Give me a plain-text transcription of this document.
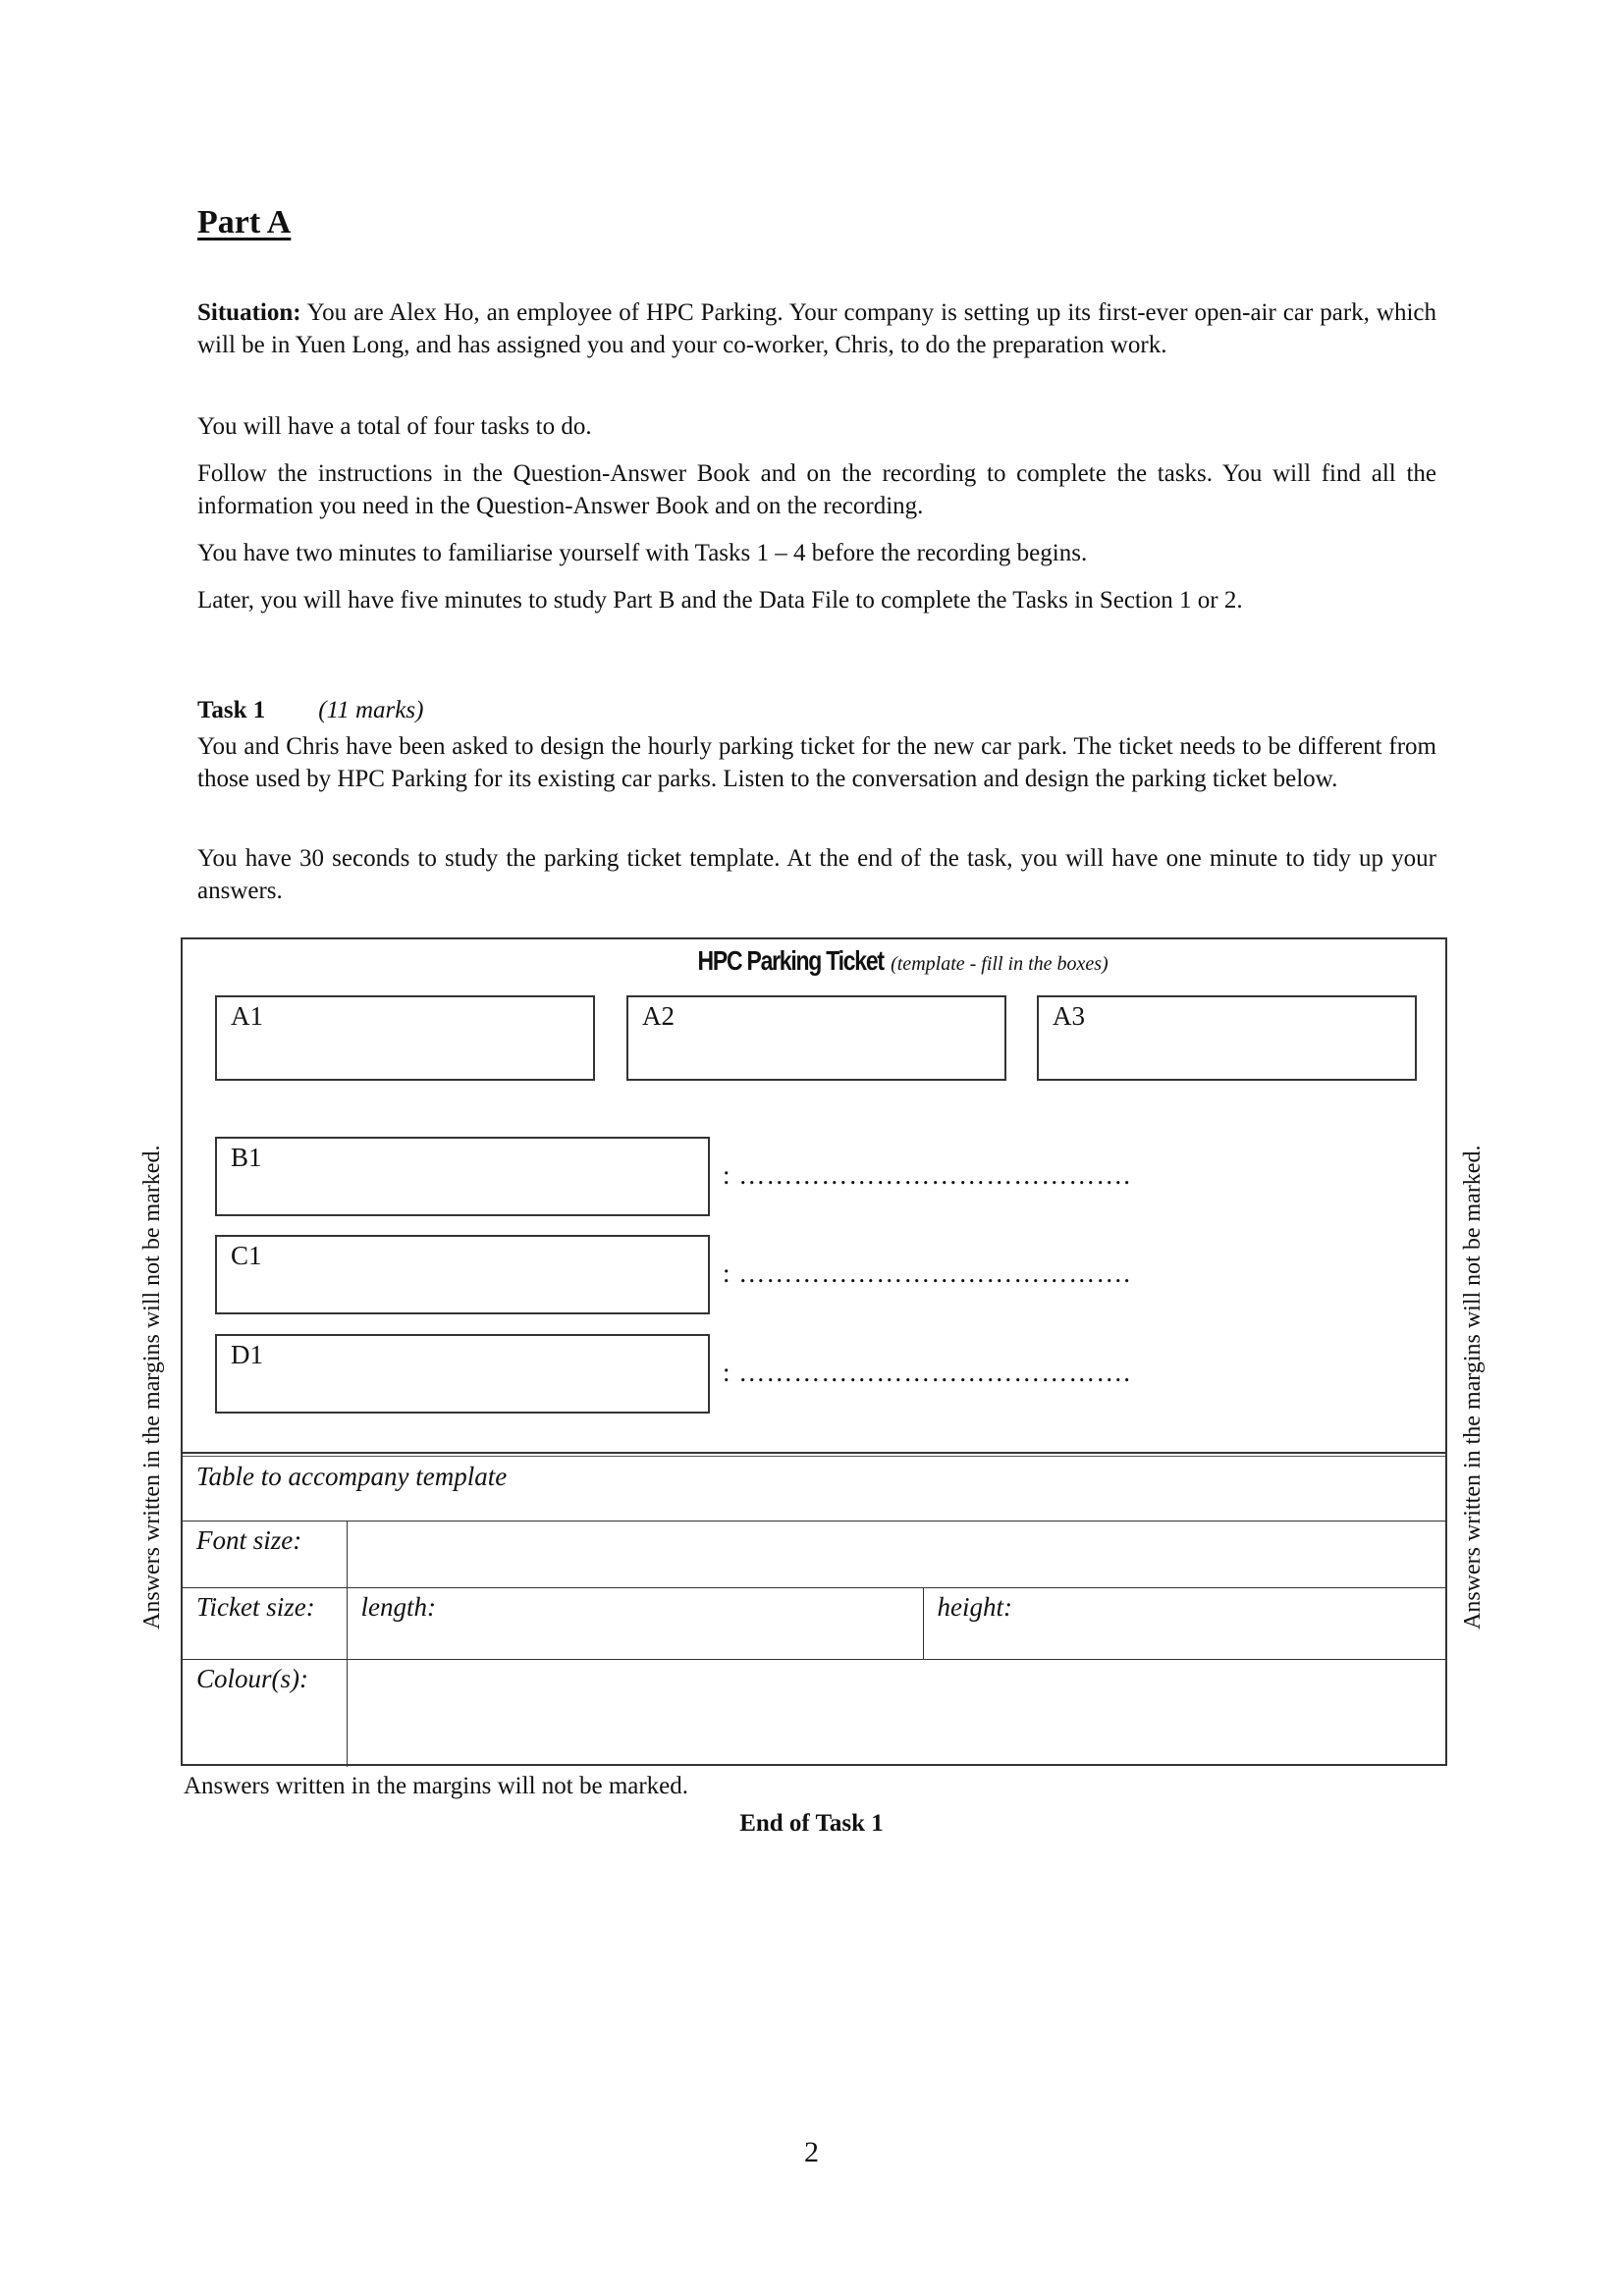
Part A
Situation: You are Alex Ho, an employee of HPC Parking. Your company is setting up its first-ever open-air car park, which will be in Yuen Long, and has assigned you and your co-worker, Chris, to do the preparation work.
You will have a total of four tasks to do.
Follow the instructions in the Question-Answer Book and on the recording to complete the tasks. You will find all the information you need in the Question-Answer Book and on the recording.
You have two minutes to familiarise yourself with Tasks 1 – 4 before the recording begins.
Later, you will have five minutes to study Part B and the Data File to complete the Tasks in Section 1 or 2.
Task 1 (11 marks)
You and Chris have been asked to design the hourly parking ticket for the new car park. The ticket needs to be different from those used by HPC Parking for its existing car parks. Listen to the conversation and design the parking ticket below.
You have 30 seconds to study the parking ticket template. At the end of the task, you will have one minute to tidy up your answers.
HPC Parking Ticket (template - fill in the boxes)
A1	A2	A3
B1
: …………………………………….
C1
: …………………………………….
D1
: …………………………………….
Table to accompany template		
Font size:		
Ticket size:	length:	height:
Colour(s):		
Answers written in the margins will not be marked.	Answers written in the margins will not be marked.
Answers written in the margins will not be marked.
End of Task 1
2
